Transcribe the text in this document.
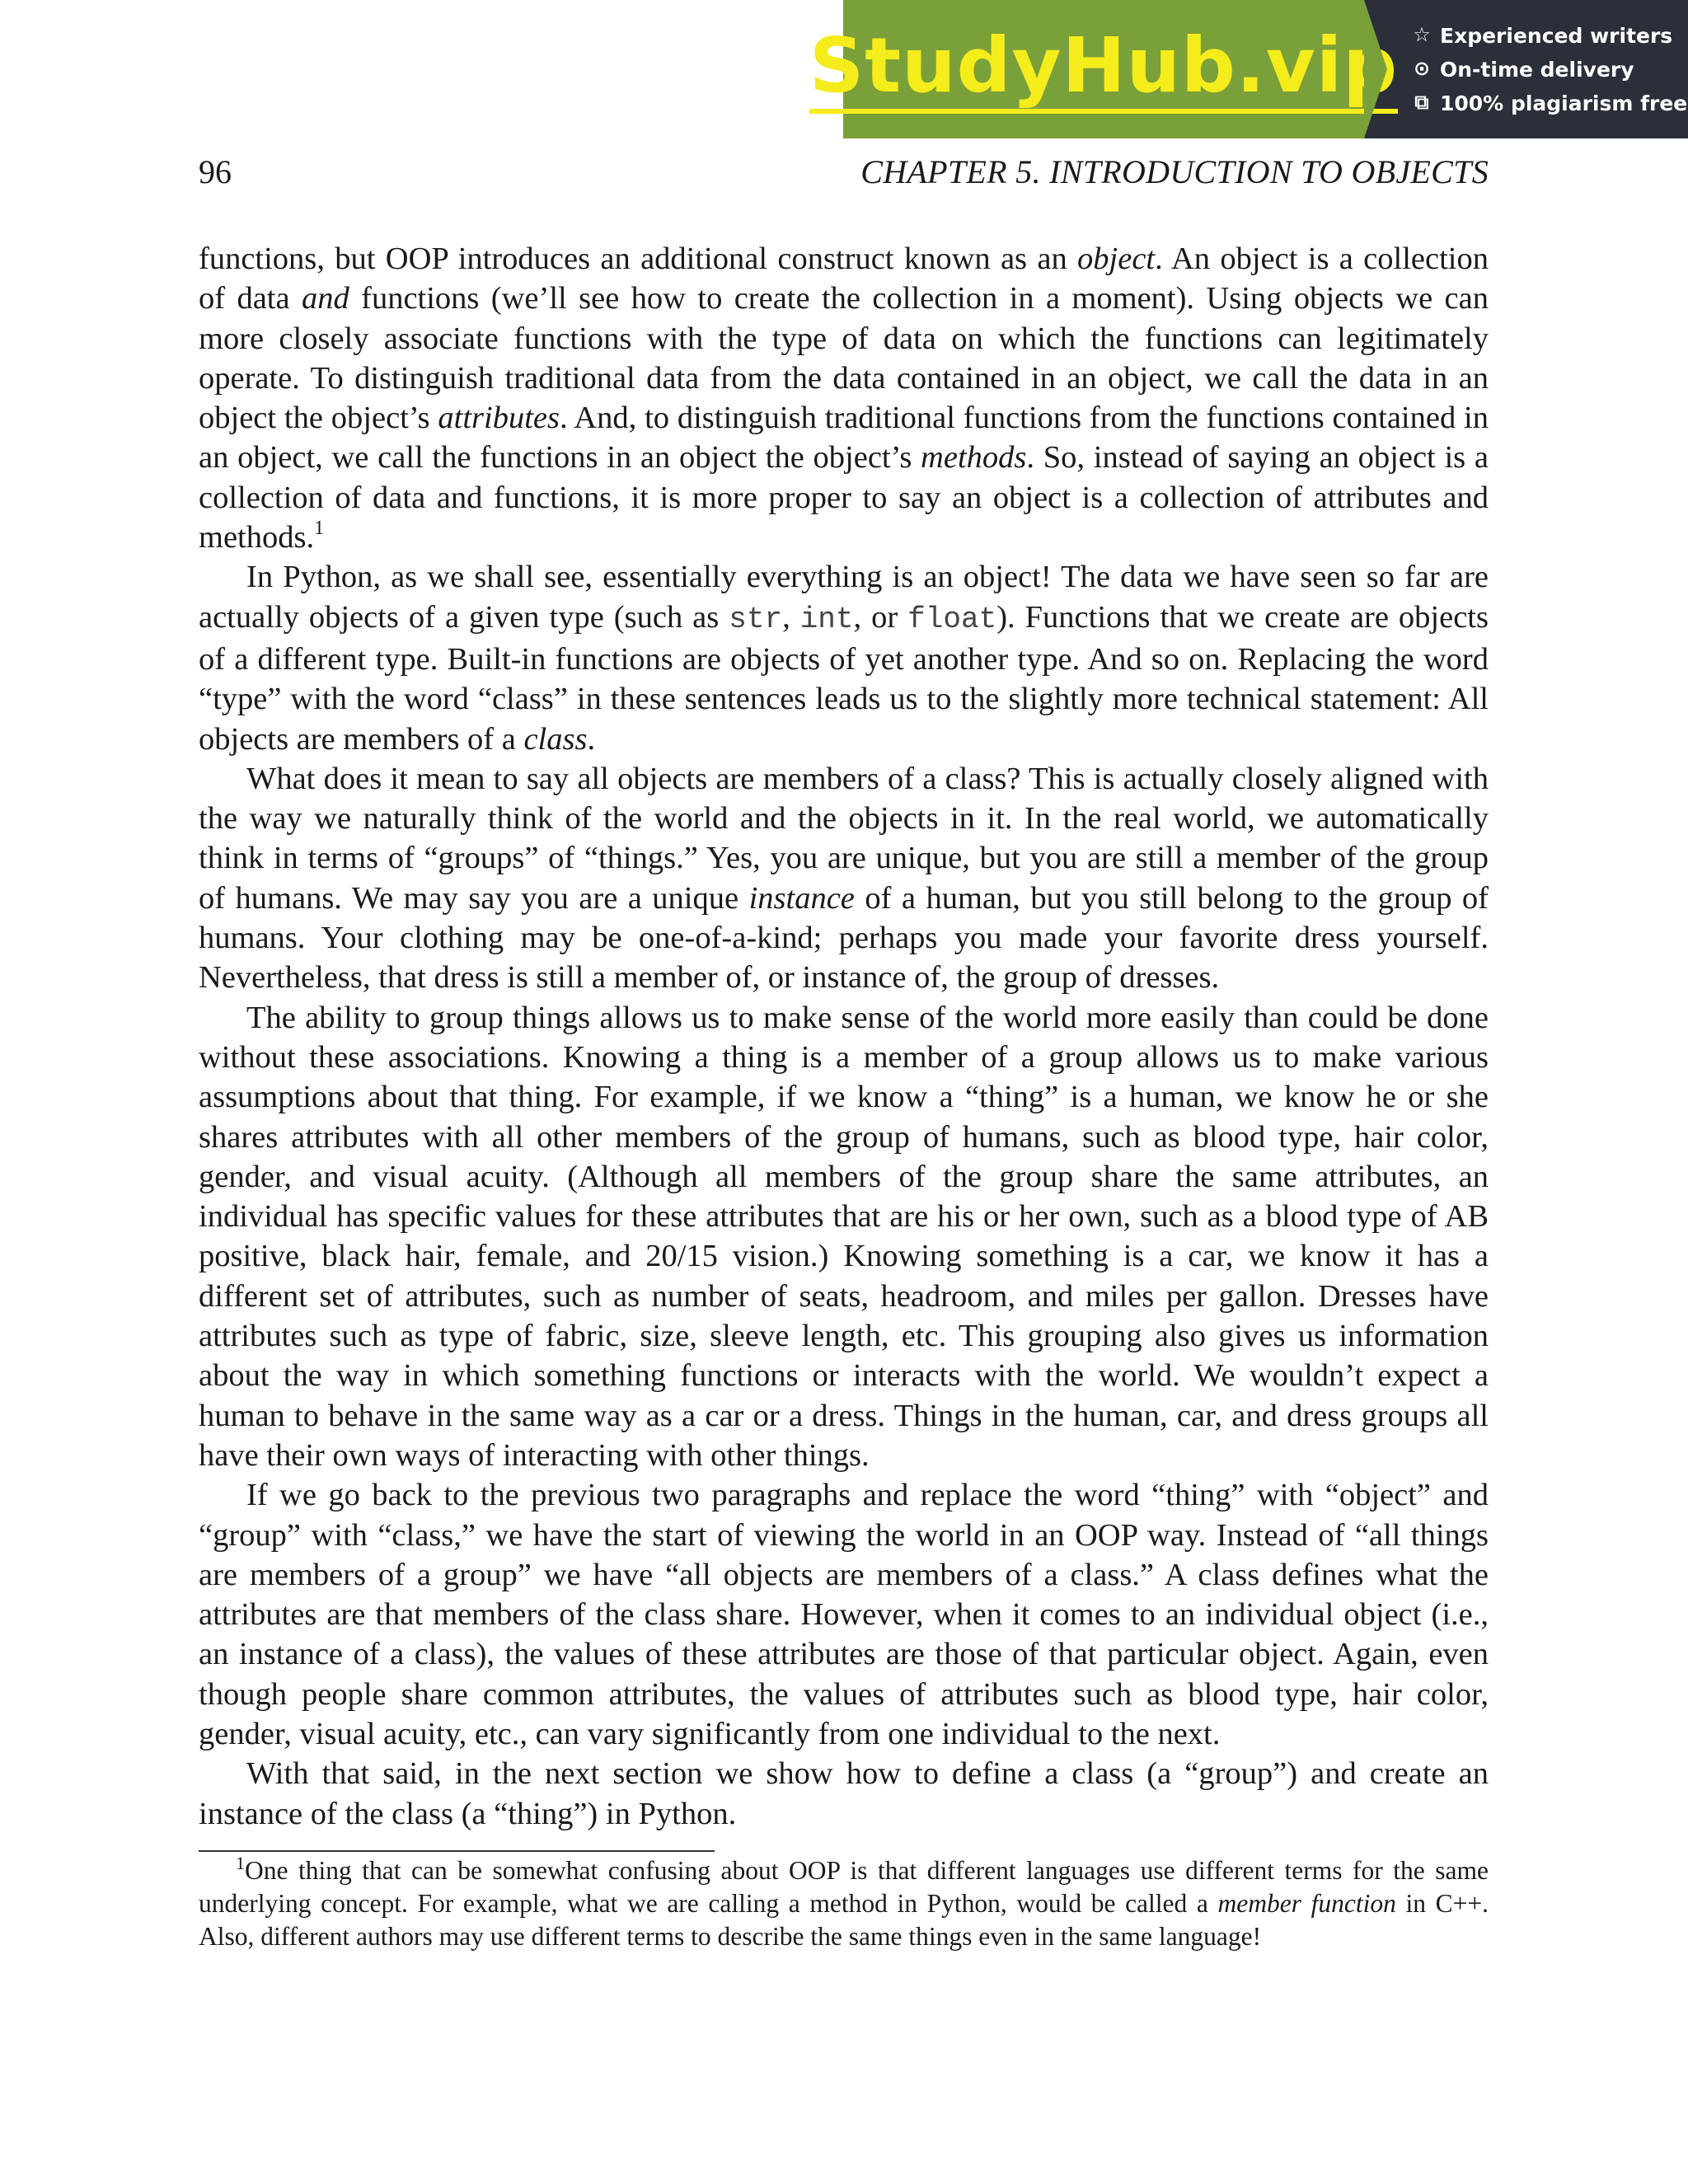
StudyHub.vip ☆ Experienced writers
⊙ On-time delivery
⧉ 100% plagiarism free
96	CHAPTER 5. INTRODUCTION TO OBJECTS

functions, but OOP introduces an additional construct known as an object. An object is a collection of data and functions (we’ll see how to create the collection in a moment). Using objects we can more closely associate functions with the type of data on which the functions can legitimately operate. To distinguish traditional data from the data contained in an object, we call the data in an object the object’s attributes. And, to distinguish traditional functions from the functions contained in an object, we call the functions in an object the object’s methods. So, instead of saying an object is a collection of data and functions, it is more proper to say an object is a collection of attributes and methods.$^1$

In Python, as we shall see, essentially everything is an object! The data we have seen so far are actually objects of a given type (such as str, int, or float). Functions that we create are objects of a different type. Built-in functions are objects of yet another type. And so on. Replacing the word “type” with the word “class” in these sentences leads us to the slightly more technical statement: All objects are members of a class.

What does it mean to say all objects are members of a class? This is actually closely aligned with the way we naturally think of the world and the objects in it. In the real world, we automatically think in terms of “groups” of “things.” Yes, you are unique, but you are still a member of the group of humans. We may say you are a unique instance of a human, but you still belong to the group of humans. Your clothing may be one-of-a-kind; perhaps you made your favorite dress yourself. Nevertheless, that dress is still a member of, or instance of, the group of dresses.

The ability to group things allows us to make sense of the world more easily than could be done without these associations. Knowing a thing is a member of a group allows us to make various assumptions about that thing. For example, if we know a “thing” is a human, we know he or she shares attributes with all other members of the group of humans, such as blood type, hair color, gender, and visual acuity. (Although all members of the group share the same attributes, an individual has specific values for these attributes that are his or her own, such as a blood type of AB positive, black hair, female, and 20/15 vision.) Knowing something is a car, we know it has a different set of attributes, such as number of seats, headroom, and miles per gallon. Dresses have attributes such as type of fabric, size, sleeve length, etc. This grouping also gives us information about the way in which something functions or interacts with the world. We wouldn’t expect a human to behave in the same way as a car or a dress. Things in the human, car, and dress groups all have their own ways of interacting with other things.

If we go back to the previous two paragraphs and replace the word “thing” with “object” and “group” with “class,” we have the start of viewing the world in an OOP way. Instead of “all things are members of a group” we have “all objects are members of a class.” A class defines what the attributes are that members of the class share. However, when it comes to an individual object (i.e., an instance of a class), the values of these attributes are those of that particular object. Again, even though people share common attributes, the values of attributes such as blood type, hair color, gender, visual acuity, etc., can vary significantly from one individual to the next.

With that said, in the next section we show how to define a class (a “group”) and create an instance of the class (a “thing”) in Python.

$^1$One thing that can be somewhat confusing about OOP is that different languages use different terms for the same underlying concept. For example, what we are calling a method in Python, would be called a member function in C++. Also, different authors may use different terms to describe the same things even in the same language!
